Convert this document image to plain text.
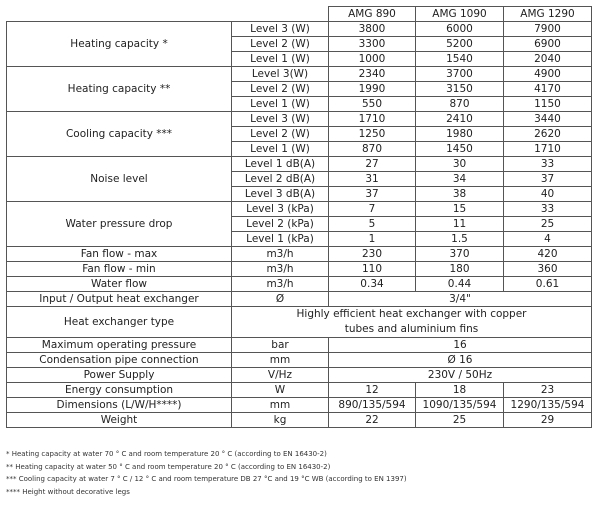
		AMG 890	AMG 1090	AMG 1290
Heating capacity *	Level 3 (W)	3800	6000	7900
	Level 2 (W)	3300	5200	6900
	Level 1 (W)	1000	1540	2040
Heating capacity **	Level 3(W)	2340	3700	4900
	Level 2 (W)	1990	3150	4170
	Level 1 (W)	550	870	1150
Cooling capacity ***	Level 3 (W)	1710	2410	3440
	Level 2 (W)	1250	1980	2620
	Level 1 (W)	870	1450	1710
Noise level	Level 1 dB(A)	27	30	33
	Level 2 dB(A)	31	34	37
	Level 3 dB(A)	37	38	40
Water pressure drop	Level 3 (kPa)	7	15	33
	Level 2 (kPa)	5	11	25
	Level 1 (kPa)	1	1.5	4
Fan flow - max	m3/h	230	370	420
Fan flow - min	m3/h	110	180	360
Water flow	m3/h	0.34	0.44	0.61
Input / Output heat exchanger	Ø	3/4"		
Heat exchanger type	Highly efficient heat exchanger with copper tubes and aluminium fins			
Maximum operating pressure	bar	16		
Condensation pipe connection	mm	Ø 16		
Power Supply	V/Hz	230V / 50Hz		
Energy consumption	W	12	18	23
Dimensions (L/W/H****)	mm	890/135/594	1090/135/594	1290/135/594
Weight	kg	22	25	29
* Heating capacity at water 70 ° C and room temperature 20 ° C (according to EN 16430-2)
** Heating capacity at water 50 ° C and room temperature 20 ° C (according to EN 16430-2)
*** Cooling capacity at water 7 ° C / 12 ° C and room temperature DB 27 °C and 19 °C WB (according to EN 1397)
**** Height without decorative legs
